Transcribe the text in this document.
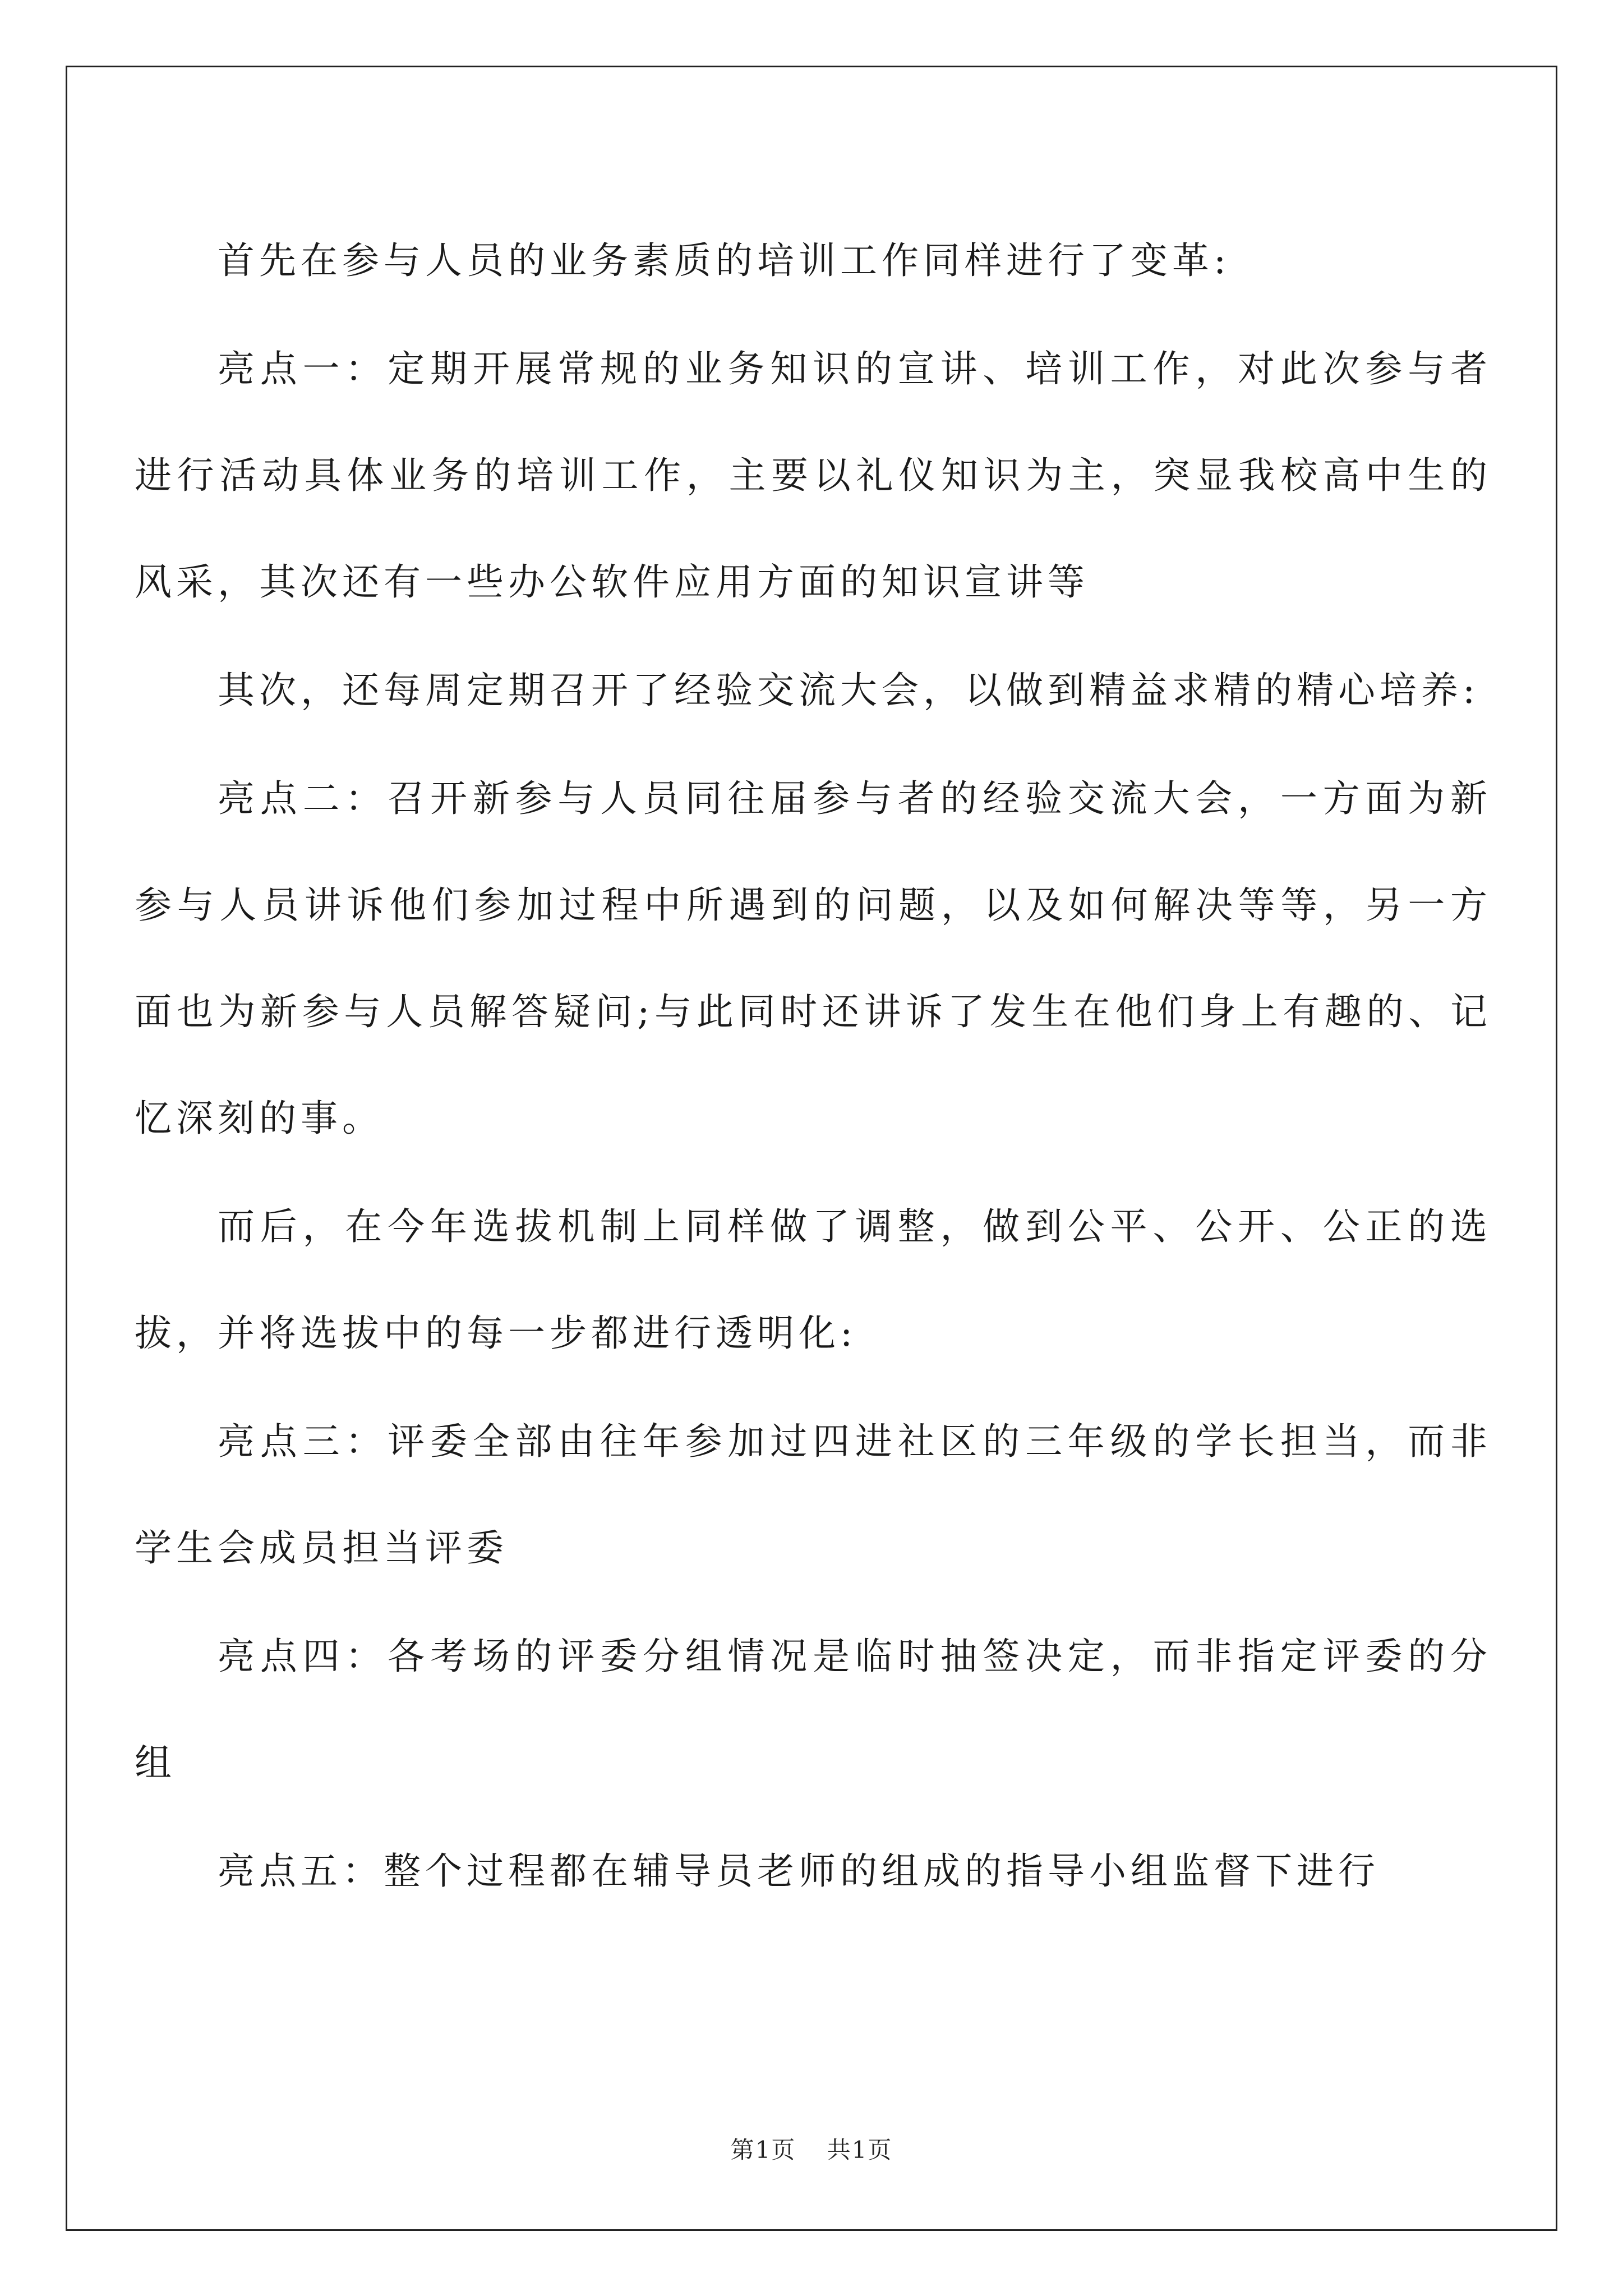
首先在参与人员的业务素质的培训工作同样进行了变革:

亮点一：定期开展常规的业务知识的宣讲、培训工作，对此次参与者进行活动具体业务的培训工作，主要以礼仪知识为主，突显我校高中生的风采，其次还有一些办公软件应用方面的知识宣讲等

其次，还每周定期召开了经验交流大会，以做到精益求精的精心培养:

亮点二：召开新参与人员同往届参与者的经验交流大会，一方面为新参与人员讲诉他们参加过程中所遇到的问题，以及如何解决等等，另一方面也为新参与人员解答疑问;与此同时还讲诉了发生在他们身上有趣的、记忆深刻的事。

而后，在今年选拔机制上同样做了调整，做到公平、公开、公正的选拔，并将选拔中的每一步都进行透明化:

亮点三：评委全部由往年参加过四进社区的三年级的学长担当，而非学生会成员担当评委

亮点四：各考场的评委分组情况是临时抽签决定，而非指定评委的分组

亮点五：整个过程都在辅导员老师的组成的指导小组监督下进行

第1页 共1页
